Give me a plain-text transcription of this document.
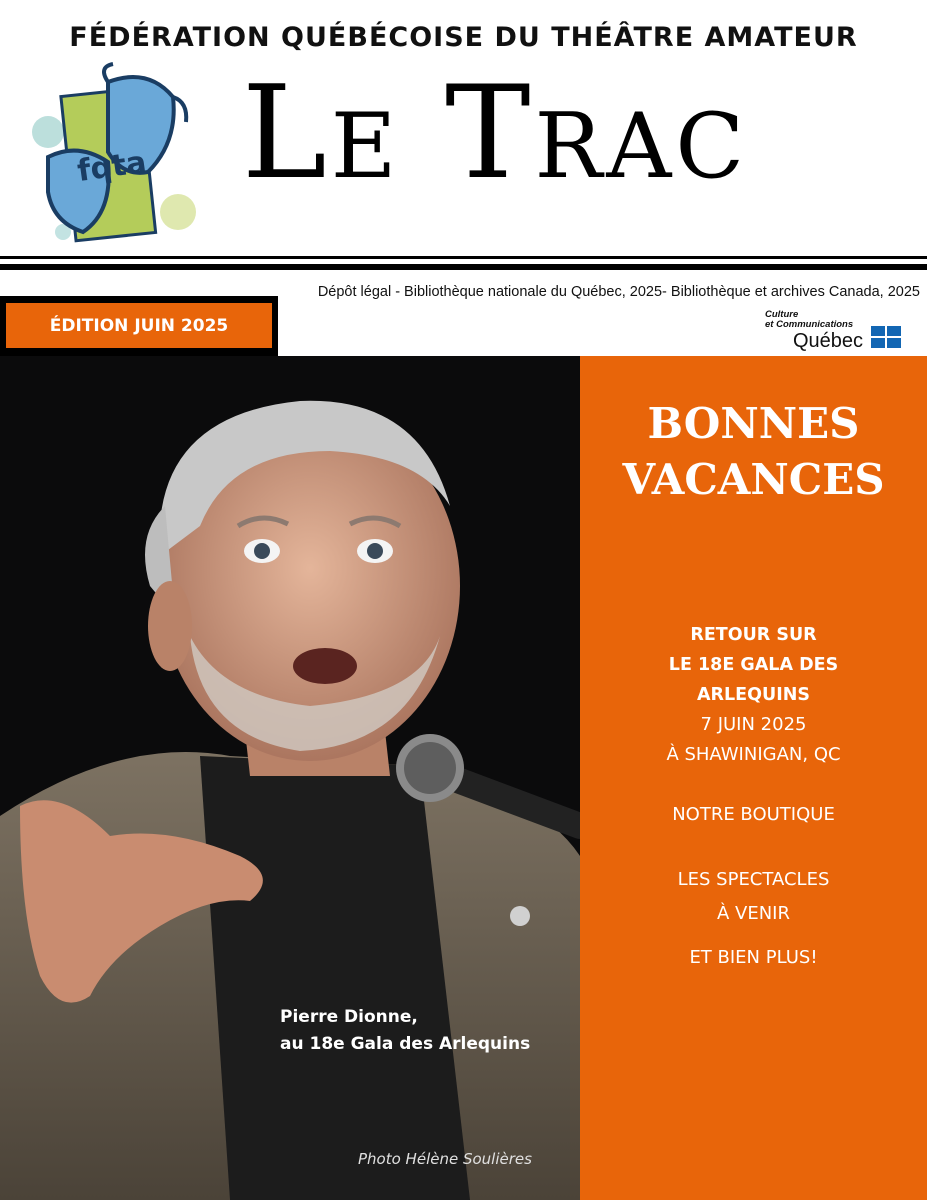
FÉDÉRATION QUÉBÉCOISE DU THÉÂTRE AMATEUR
fqta Le Trac
Dépôt légal - Bibliothèque nationale du Québec, 2025- Bibliothèque et archives Canada, 2025
ÉDITION JUIN 2025
Culture
et Communications
Québec
Pierre Dionne,
au 18e Gala des Arlequins
Photo Hélène Soulières
BONNES
VACANCES
RETOUR SUR
LE 18E GALA DES
ARLEQUINS
7 JUIN 2025
À SHAWINIGAN, QC
NOTRE BOUTIQUE
LES SPECTACLES
À VENIR
ET BIEN PLUS!
